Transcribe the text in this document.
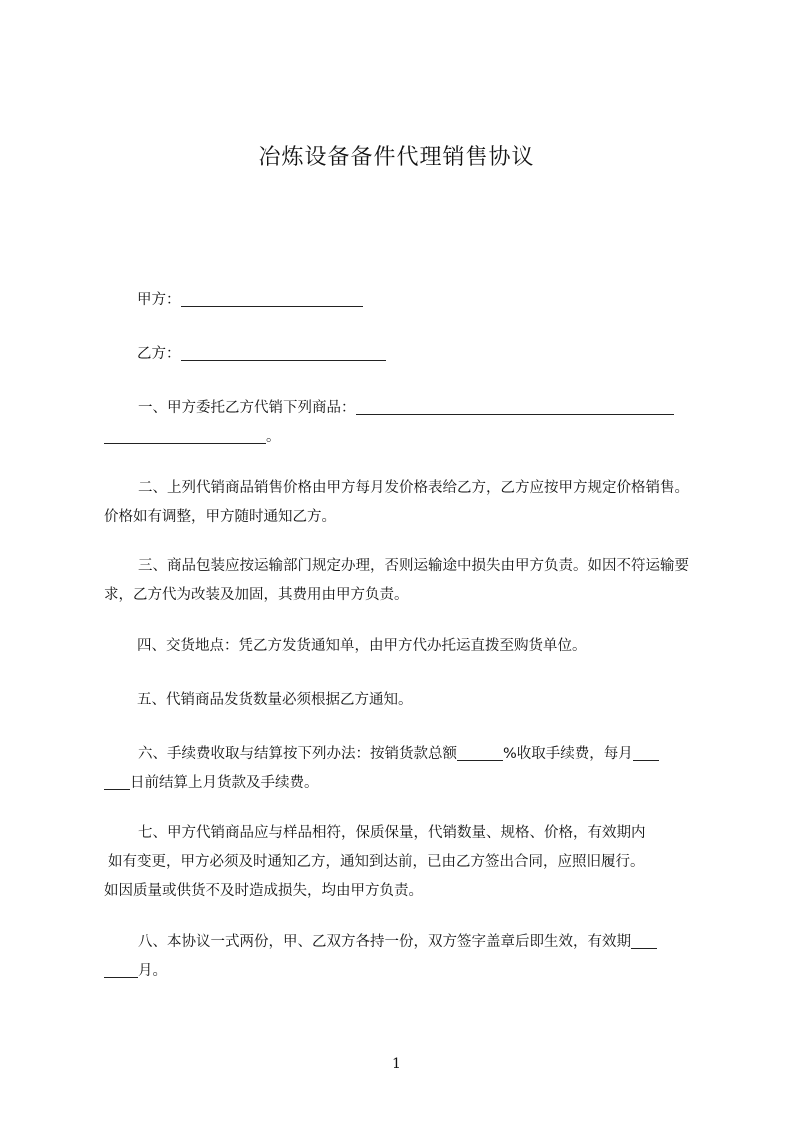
冶炼设备备件代理销售协议
甲方：
乙方：
一、甲方委托乙方代销下列商品：
。
二、上列代销商品销售价格由甲方每月发价格表给乙方，乙方应按甲方规定价格销售。价格如有调整，甲方随时通知乙方。
三、商品包装应按运输部门规定办理，否则运输途中损失由甲方负责。如因不符运输要求，乙方代为改装及加固，其费用由甲方负责。
四、交货地点：凭乙方发货通知单，由甲方代办托运直拨至购货单位。
五、代销商品发货数量必须根据乙方通知。
六、手续费收取与结算按下列办法：按销货款总额	%收取手续费，每月
日前结算上月货款及手续费。
七、甲方代销商品应与样品相符，保质保量，代销数量、规格、价格，有效期内
如有变更，甲方必须及时通知乙方，通知到达前，已由乙方签出合同，应照旧履行。
如因质量或供货不及时造成损失，均由甲方负责。
八、本协议一式两份，甲、乙双方各持一份，双方签字盖章后即生效，有效期
月。
1
